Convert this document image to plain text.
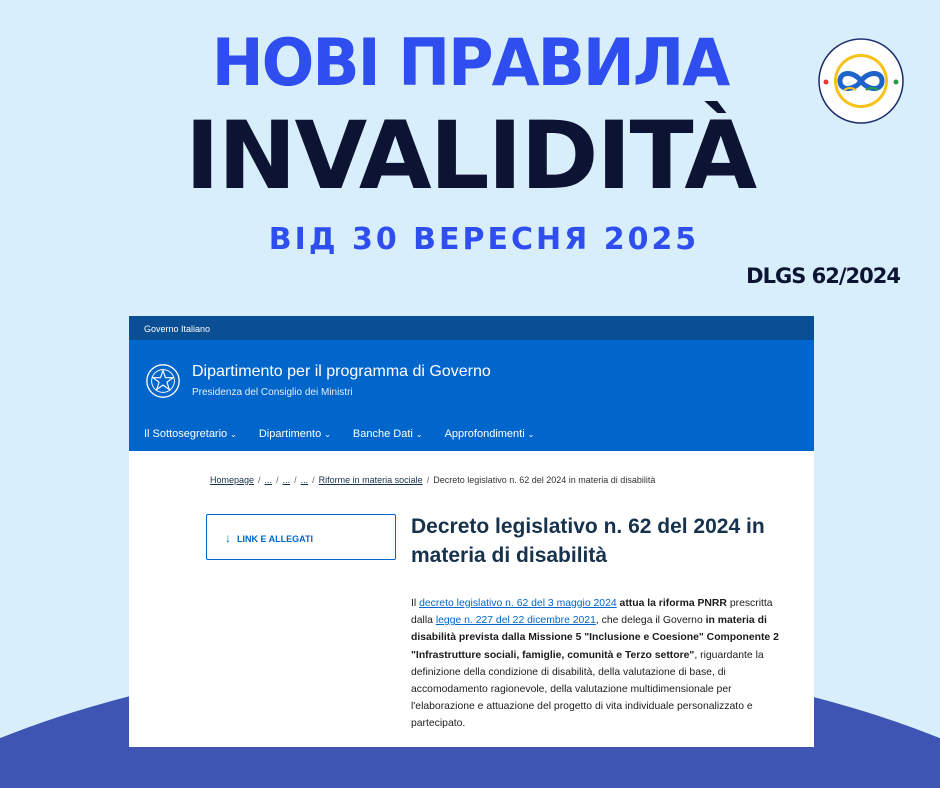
НОВІ ПРАВИЛА
INVALIDITÀ
ВІД 30 ВЕРЕСНЯ 2025
DLGS 62/2024
Governo Italiano
Dipartimento per il programma di Governo
Presidenza del Consiglio dei Ministri
Il Sottosegretario ⌄ Dipartimento ⌄ Banche Dati ⌄ Approfondimenti ⌄
Homepage / ... / ... / ... / Riforme in materia sociale / Decreto legislativo n. 62 del 2024 in materia di disabilità
↓ LINK E ALLEGATI
Decreto legislativo n. 62 del 2024 in materia di disabilità
Il decreto legislativo n. 62 del 3 maggio 2024 attua la riforma PNRR prescritta dalla legge n. 227 del 22 dicembre 2021, che delega il Governo in materia di disabilità prevista dalla Missione 5 "Inclusione e Coesione" Componente 2 "Infrastrutture sociali, famiglie, comunità e Terzo settore", riguardante la definizione della condizione di disabilità, della valutazione di base, di accomodamento ragionevole, della valutazione multidimensionale per l'elaborazione e attuazione del progetto di vita individuale personalizzato e partecipato.
